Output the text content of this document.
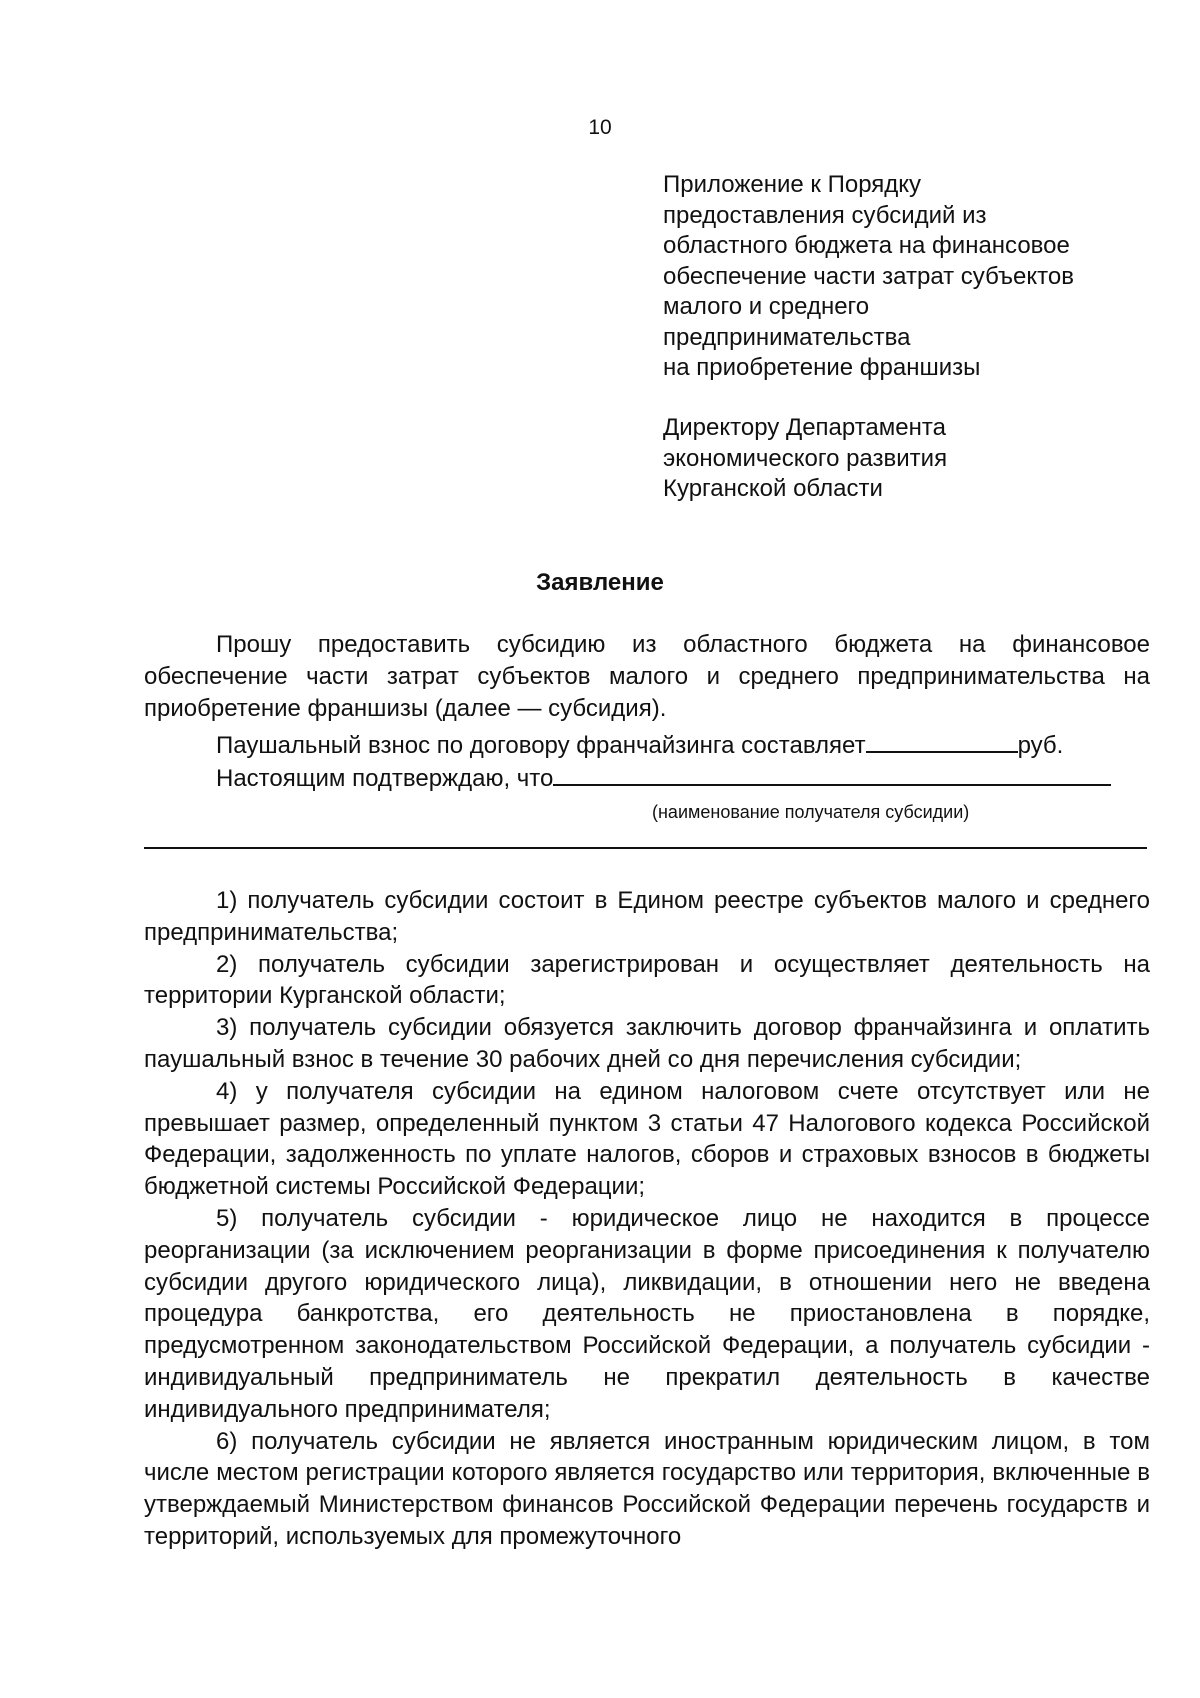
10
Приложение к Порядку
предоставления субсидий из
областного бюджета на финансовое
обеспечение части затрат субъектов
малого и среднего
предпринимательства
на приобретение франшизы
Директору Департамента
экономического развития
Курганской области
Заявление

Прошу предоставить субсидию из областного бюджета на финансовое обеспечение части затрат субъектов малого и среднего предпринимательства на приобретение франшизы (далее — субсидия).

Паушальный взнос по договору франчайзинга составляет	руб.
Настоящим подтверждаю, что
(наименование получателя субсидии)

1) получатель субсидии состоит в Едином реестре субъектов малого и среднего предпринимательства;

2) получатель субсидии зарегистрирован и осуществляет деятельность на территории Курганской области;

3) получатель субсидии обязуется заключить договор франчайзинга и оплатить паушальный взнос в течение 30 рабочих дней со дня перечисления субсидии;

4) у получателя субсидии на едином налоговом счете отсутствует или не превышает размер, определенный пунктом 3 статьи 47 Налогового кодекса Российской Федерации, задолженность по уплате налогов, сборов и страховых взносов в бюджеты бюджетной системы Российской Федерации;

5) получатель субсидии - юридическое лицо не находится в процессе реорганизации (за исключением реорганизации в форме присоединения к получателю субсидии другого юридического лица), ликвидации, в отношении него не введена процедура банкротства, его деятельность не приостановлена в порядке, предусмотренном законодательством Российской Федерации, а получатель субсидии - индивидуальный предприниматель не прекратил деятельность в качестве индивидуального предпринимателя;

6) получатель субсидии не является иностранным юридическим лицом, в том числе местом регистрации которого является государство или территория, включенные в утверждаемый Министерством финансов Российской Федерации перечень государств и территорий, используемых для промежуточного
